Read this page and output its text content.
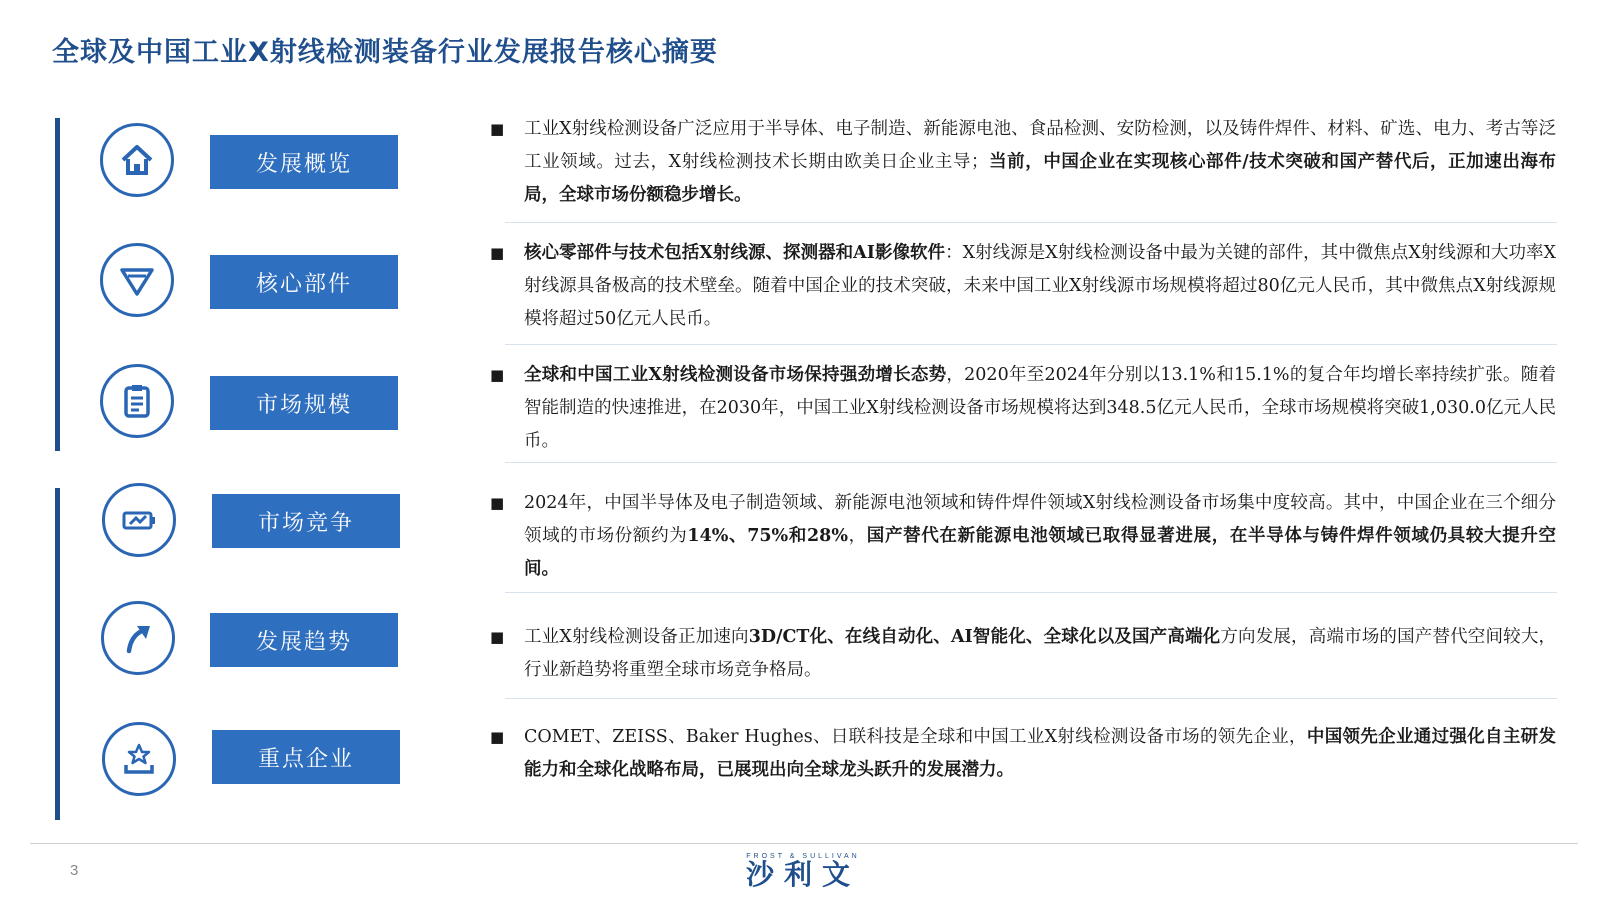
全球及中国工业X射线检测装备行业发展报告核心摘要
发展概览
核心部件
市场规模
市场竞争
发展趋势
重点企业
■	工业X射线检测设备广泛应用于半导体、电子制造、新能源电池、食品检测、安防检测，以及铸件焊件、材料、矿选、电力、考古等泛工业领域。过去，X射线检测技术长期由欧美日企业主导；当前，中国企业在实现核心部件/技术突破和国产替代后，正加速出海布局，全球市场份额稳步增长。

■	核心零部件与技术包括X射线源、探测器和AI影像软件：X射线源是X射线检测设备中最为关键的部件，其中微焦点X射线源和大功率X射线源具备极高的技术壁垒。随着中国企业的技术突破，未来中国工业X射线源市场规模将超过80亿元人民币，其中微焦点X射线源规模将超过50亿元人民币。

■	全球和中国工业X射线检测设备市场保持强劲增长态势，2020年至2024年分别以13.1%和15.1%的复合年均增长率持续扩张。随着智能制造的快速推进，在2030年，中国工业X射线检测设备市场规模将达到348.5亿元人民币，全球市场规模将突破1,030.0亿元人民币。

■	2024年，中国半导体及电子制造领域、新能源电池领域和铸件焊件领域X射线检测设备市场集中度较高。其中，中国企业在三个细分领域的市场份额约为14%、75%和28%，国产替代在新能源电池领域已取得显著进展，在半导体与铸件焊件领域仍具较大提升空间。

■	工业X射线检测设备正加速向3D/CT化、在线自动化、AI智能化、全球化以及国产高端化方向发展，高端市场的国产替代空间较大，行业新趋势将重塑全球市场竞争格局。

■	COMET、ZEISS、Baker Hughes、日联科技是全球和中国工业X射线检测设备市场的领先企业，中国领先企业通过强化自主研发能力和全球化战略布局，已展现出向全球龙头跃升的发展潜力。

3
FROST & SULLIVAN
沙利文
